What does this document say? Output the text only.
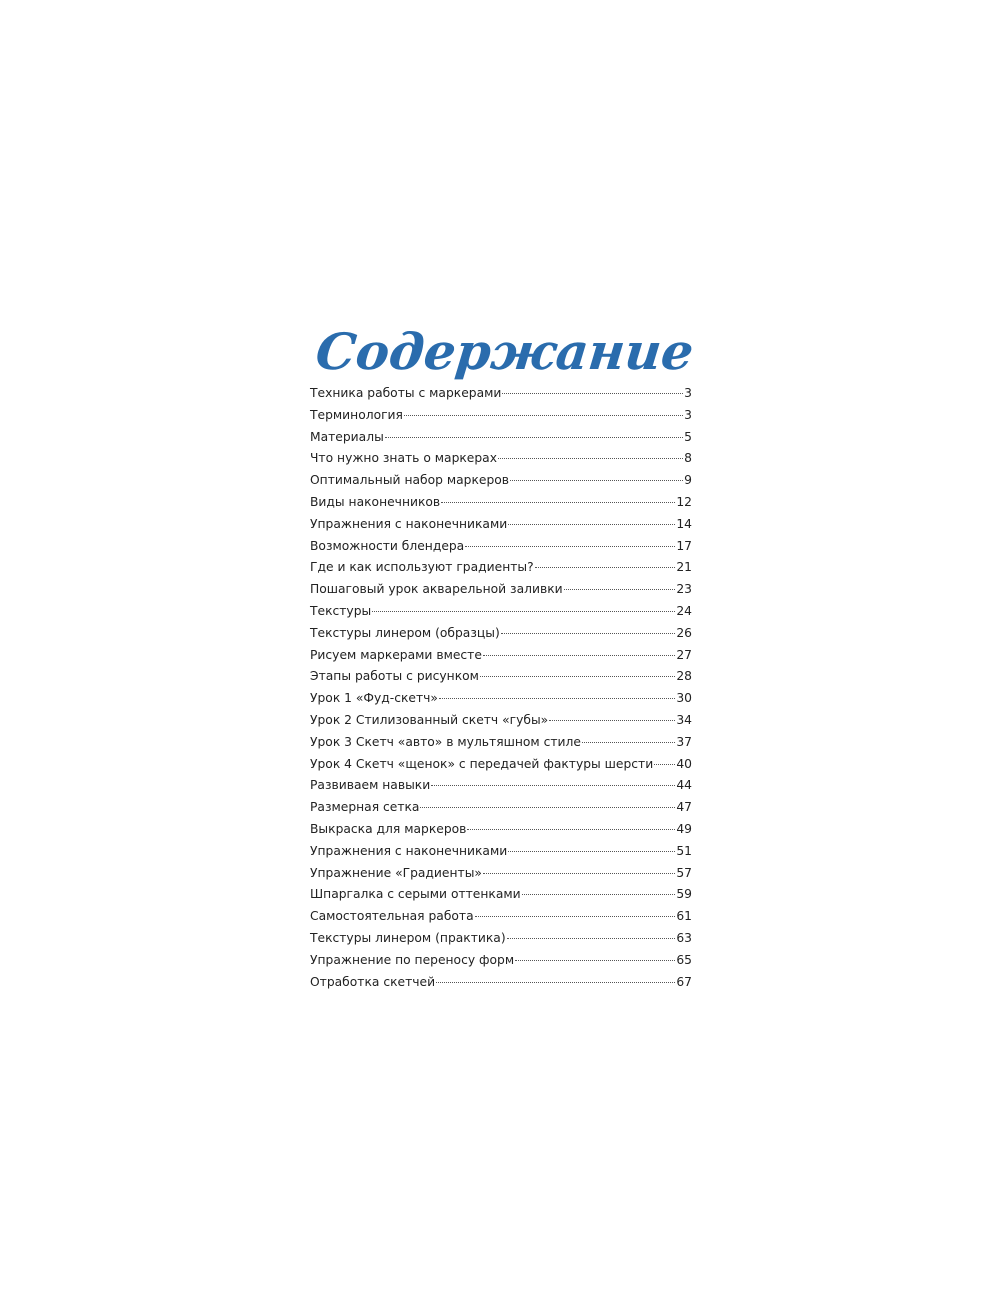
Содержание
Техника работы с маркерами	3
Терминология	3
Материалы	5
Что нужно знать о маркерах	8
Оптимальный набор маркеров	9
Виды наконечников	12
Упражнения с наконечниками	14
Возможности блендера	17
Где и как используют градиенты?	21
Пошаговый урок акварельной заливки	23
Текстуры	24
Текстуры линером (образцы)	26
Рисуем маркерами вместе	27
Этапы работы с рисунком	28
Урок 1 «Фуд-скетч»	30
Урок 2 Стилизованный скетч «губы»	34
Урок 3 Скетч «авто» в мультяшном стиле	37
Урок 4 Скетч «щенок» с передачей фактуры шерсти 40
Развиваем навыки	44
Размерная сетка	47
Выкраска для маркеров	49
Упражнения с наконечниками	51
Упражнение «Градиенты»	57
Шпаргалка с серыми оттенками	59
Самостоятельная работа	61
Текстуры линером (практика)	63
Упражнение по переносу форм	65
Отработка скетчей	67
